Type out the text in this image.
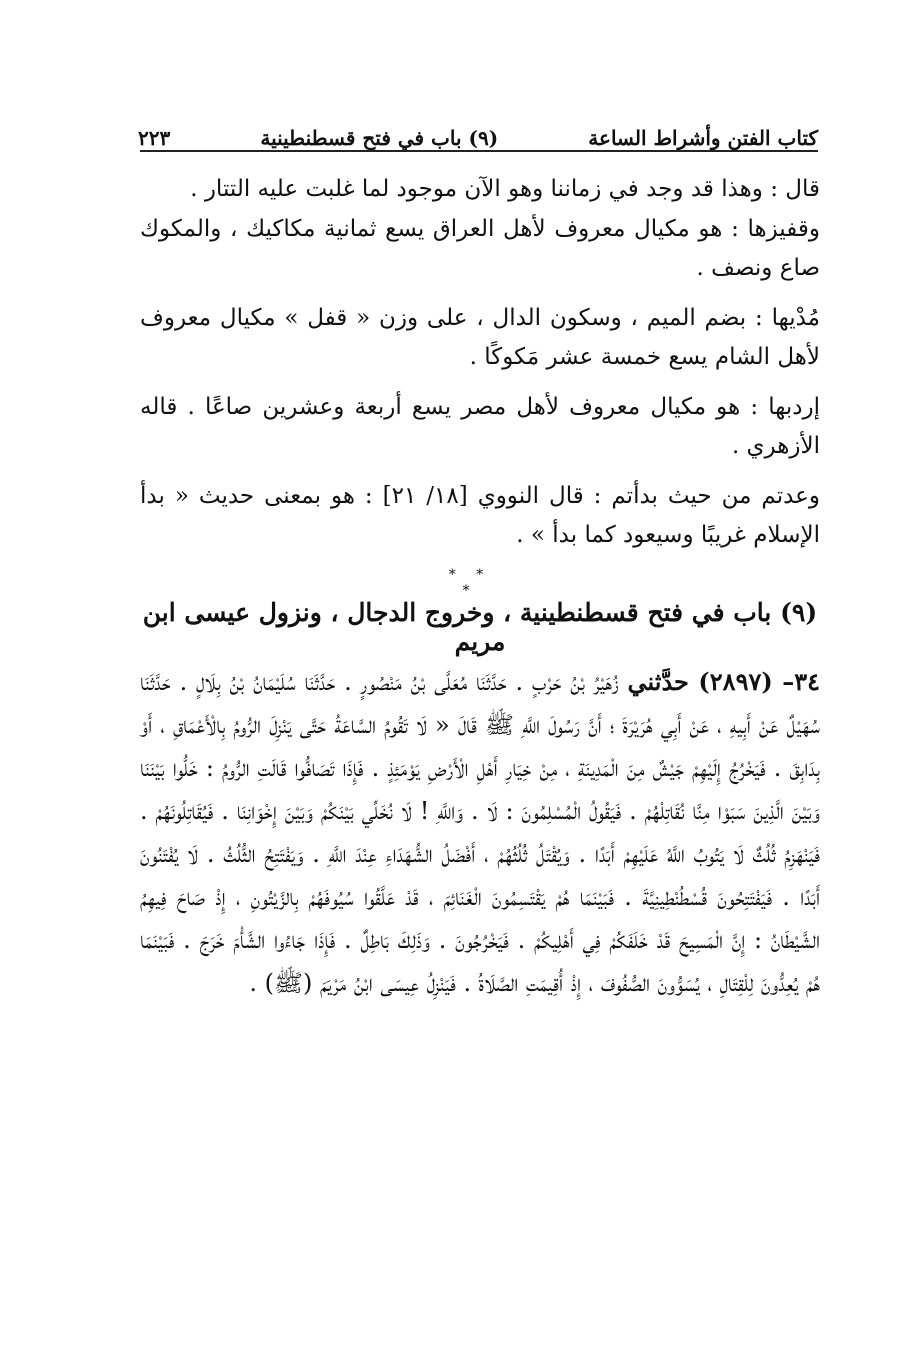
كتاب الفتن وأشراط الساعة
(٩) باب في فتح قسطنطينية
٢٢٣

قال : وهذا قد وجد في زماننا وهو الآن موجود لما غلبت عليه التتار .

وقفيزها : هو مكيال معروف لأهل العراق يسع ثمانية مكاكيك ، والمكوك صاع ونصف .

مُدْيها : بضم الميم ، وسكون الدال ، على وزن « قفل » مكيال معروف لأهل الشام يسع خمسة عشر مَكوكًا .

إردبها : هو مكيال معروف لأهل مصر يسع أربعة وعشرين صاعًا . قاله الأزهري .

وعدتم من حيث بدأتم : قال النووي [١٨/ ٢١] : هو بمعنى حديث « بدأ الإسلام غريبًا وسيعود كما بدأ » .

* * *
(٩) باب في فتح قسطنطينية ، وخروج الدجال ، ونزول عيسى ابن مريم

٣٤– (٢٨٩٧) حدَّثني زُهَيْرُ بْنُ حَرْبٍ . حَدَّثَنَا مُعَلَّى بْنُ مَنْصُورٍ . حَدَّثَنَا سُلَيْمَانُ بْنُ بِلَالٍ . حَدَّثَنَا سُهَيْلٌ عَنْ أَبِيهِ ، عَنْ أَبِي هُرَيْرَةَ ؛ أَنَّ رَسُولَ اللَّهِ ﷺ قَالَ « لَا تَقُومُ السَّاعَةُ حَتَّى يَنْزِلَ الرُّومُ بِالْأَعْمَاقِ ، أَوْ بِدَابِقَ . فَيَخْرُجُ إِلَيْهِمْ جَيْشٌ مِنَ الْمَدِينَةِ ، مِنْ خِيَارِ أَهْلِ الْأَرْضِ يَوْمَئِذٍ . فَإِذَا تَصَافُّوا قَالَتِ الرُّومُ : خَلُّوا بَيْنَنَا وَبَيْنَ الَّذِينَ سَبَوْا مِنَّا نُقَاتِلْهُمْ . فَيَقُولُ الْمُسْلِمُونَ : لَا . وَاللَّهِ ! لَا نُخَلِّي بَيْنَكُمْ وَبَيْنَ إِخْوَانِنَا . فَيُقَاتِلُونَهُمْ . فَيَنْهَزِمُ ثُلُثٌ لَا يَتُوبُ اللَّهُ عَلَيْهِمْ أَبَدًا . وَيُقْتَلُ ثُلُثُهُمْ ، أَفْضَلُ الشُّهَدَاءِ عِنْدَ اللَّهِ . وَيَفْتَتِحُ الثُّلُثُ . لَا يُفْتَنُونَ أَبَدًا . فَيَفْتَتِحُونَ قُسْطُنْطِينِيَّةَ . فَبَيْنَمَا هُمْ يَقْتَسِمُونَ الْغَنَائِمَ ، قَدْ عَلَّقُوا سُيُوفَهُمْ بِالزَّيْتُونِ ، إِذْ صَاحَ فِيهِمُ الشَّيْطَانُ : إِنَّ الْمَسِيحَ قَدْ خَلَفَكُمْ فِي أَهْلِيكُمْ . فَيَخْرُجُونَ . وَذَلِكَ بَاطِلٌ . فَإِذَا جَاءُوا الشَّأْمَ خَرَجَ . فَبَيْنَمَا هُمْ يُعِدُّونَ لِلْقِتَالِ ، يُسَوُّونَ الصُّفُوفَ ، إِذْ أُقِيمَتِ الصَّلَاةُ . فَيَنْزِلُ عِيسَى ابْنُ مَرْيَمَ (ﷺ) .
